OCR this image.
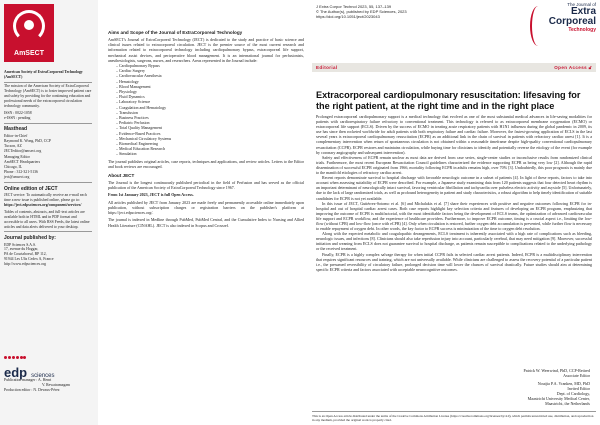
AmSECT

American Society of ExtraCorporeal Technology (AmSECT)

The mission of the American Society of ExtraCorporeal Technology (AmSECT) is to foster improved patient care and safety by providing for the continuing education and professional needs of the extracorporeal circulation technology community.

ISSN : 0022-1058

e-ISSN : pending

Masthead

Editor-in-Chief

Raymond K. Wong, PhD, CCP

Tucson, AZ

JECTeditor@amsect.org

Managing Editor

AmSECT Headquarters

Chicago, IL

Phone : 312-321-5136

ject@amsect.org

Online edition of JECT

JECT service: To automatically receive an e-mail each time a new issue is published online, please go to:

https://ject.edpsciences.org/component/services/

Tables of contents, abstracts, and full-text articles are available both in HTML and in PDF format and accessible to all users. With RSS Feeds, the latest online articles and data alerts delivered to your desktop.

Journal published by:

EDP Sciences S.A.S.

17, avenue du Hoggar,

PA de Courtaboeuf, BP 112,

91944 Les Ulis Cedex A, France

http://www.edpsciences.org

edp sciences

Publication manager : A. Henri

V. Rewatramagam

Production editor : N. Devaux-Pérez

Aims and Scope of the Journal of ExtraCorporeal Technology

AmSECT's Journal of ExtraCorporeal Technology (JECT) is dedicated to the study and practice of basic science and clinical issues related to extracorporeal circulation. JECT is the premier source of the most current research and information related to extracorporeal technology including cardiopulmonary bypass, extracorporeal life support, mechanical assist devices, and perioperative blood management. It is an international journal for perfusionists, anesthesiologists, surgeons, nurses, and researchers. Areas represented in the Journal include:

– Cardiopulmonary Bypass
– Cardiac Surgery
– Cardiovascular Anesthesia
– Hematology
– Blood Management
– Physiology
– Fluid Dynamics
– Laboratory Science
– Coagulation and Hematology
– Transfusion
– Business Practices
– Pediatric Perfusion
– Total Quality Management
– Evidence-Based Practices
– Mechanical Circulatory Systems
– Biomedical Engineering
– Medical Education Research
– Simulation

The journal publishes original articles, case reports, techniques and applications, and review articles. Letters to the Editor and book reviews are encouraged.

About JECT

The Journal is the longest continuously published periodical in the field of Perfusion and has served as the official publication of the American Society of ExtraCorporeal Technology since 1967.

From 1st January 2023, JECT is full Open Access.

All articles published by JECT from January 2023 are made freely and permanently accessible online immediately upon publication, without subscription charges or registration barriers on the publisher's platform at https://ject.edpsciences.org/.

The journal is indexed in Medline through PubMed, PubMed Central, and the Cumulative Index to Nursing and Allied Health Literature (CINAHL). JECT is also indexed in Scopus and Crossref.

J Extra Corpor Technol 2023, 55, 137–139

© The Author(s), published by EDP Sciences, 2023

https://doi.org/10.1051/ject/2023043

The Journal of
Extra
Corporeal
Technology
Editorial	Open Access 🔓︎
Extracorporeal cardiopulmonary resuscitation: lifesaving for the right patient, at the right time and in the right place

Prolonged extracorporeal cardiopulmonary support is a medical technology that evolved as one of the most substantial medical advances in life-saving modalities for patients with cardiorespiratory failure refractory to conventional treatment. This technology is referred to as extracorporeal membrane oxygenation (ECMO) or extracorporeal life support (ECLS). Driven by the success of ECMO in treating acute respiratory patients with H1N1 influenza during the global pandemic in 2009, its use has since then rocketed worldwide for adult patients with both respiratory failure and cardiac failure. Moreover, the fastest-growing application of ECLS in the last several years is extracorporeal cardiopulmonary resuscitation (ECPR) as an additional link in the chain of survival in patients with refractory cardiac arrest [1]. It is a complementary intervention when return of spontaneous circulation is not obtained within a reasonable timeframe despite high-quality conventional cardiopulmonary resuscitation (CCPR). ECPR restores and maintains circulation, while buying time for clinicians to identify and potentially reverse the etiology of the event (for example by coronary angiography and subsequent intervention).

Safety and effectiveness of ECPR remain unclear as most data are derived from case series, single-center studies or inconclusive results from randomized clinical trials. Furthermore, the most recent European Resuscitation Council guidelines characterized the evidence supporting ECPR as being very low [2]. Although the rapid dissemination of successful ECPR originated from 1966, mortality following ECPR in adults remains high, over 70% [3]. Undoubtedly, this poor prognosis is mainly due to the manifold etiologies of refractory cardiac arrest.

Recent reports demonstrate survival to hospital discharge with favorable neurologic outcome in a subset of patients [4]. In light of these reports, factors to take into account when assessing suitability of ECPR were described. For example, a Japanese study examining data from 120 patients suggests that four detected heart rhythm is an important determinant of neurologically intact survival, favoring ventricular fibrillation and tachycardia over pulseless electric activity and asystole [5]. Unfortunately, due to the lack of large randomized trials, as well as profound heterogeneity in patient and study characteristics, a robust algorithm to help timely identification of suitable candidates for ECPR is not yet available.

In this issue of JECT, Gutiérrez-Sotomo et al. [6] and Michalakis et al. [7] share their experiences with positive and negative outcomes following ECPR for in-hospital and out of hospital cardiac arrest cases. Both case reports highlight key selection criteria and features of developing an ECPR program, emphasizing that improving the outcome of ECPR is multifactorial, with the most identifiable factors being the development of ECLS teams, the optimization of advanced cardiovascular life support and ECPR workflow, and the experience of healthcare providers. Furthermore, to improve ECPR outcome, timing is a crucial aspect i.e., limiting the low-flow (without CPR) and low-flow (once with eCPR) [4]. Only when circulation is restored, further oxygen debt accumulation is prevented, while further flow is necessary to enable repayment of oxygen debt. In other words, the key factor to ECPR success is minimization of the time to oxygen debt resolution.

Along with the expected metabolic and coagulopathic derangements, ECLS treatment is inherently associated with a high rate of complications such as bleeding, neurologic issues, and infections [8]. Clinicians should also take reperfusion injury into account, particularly cerebral, that may need mitigation [9]. Moreover, successful initiation and weaning from ECLS does not guarantee survival to hospital discharge, as patients remain susceptible to complications related to the underlying pathology or the received treatment.

Finally, ECPR is a highly complex salvage therapy for when initial CCPR fails in selected cardiac arrest patients. Indeed, ECPR is a multidisciplinary intervention that requires significant resources and training, which are not universally available. While clinicians are challenged to assess the recovery potential of a particular patient i.e., the presumed reversibility of circulatory failure, prolonged decision time will lower the chances of survival drastically. Future studies should aim at determining specific ECPR criteria and factors associated with acceptable neurocognitive outcomes.

Patrick W. Weerwind, PhD, CCP-Retired

Associate Editor

Noutjia P.A. Vranken, MD, PhD

Invited Editor

Dept. of Cardiology,

Maastricht University Medical Center,

Maastricht, the Netherlands

This is an Open Access article distributed under the terms of the Creative Commons Attribution License (https://creativecommons.org/licenses/by/4.0), which permits unrestricted use, distribution, and reproduction in any medium, provided the original work is properly cited.
